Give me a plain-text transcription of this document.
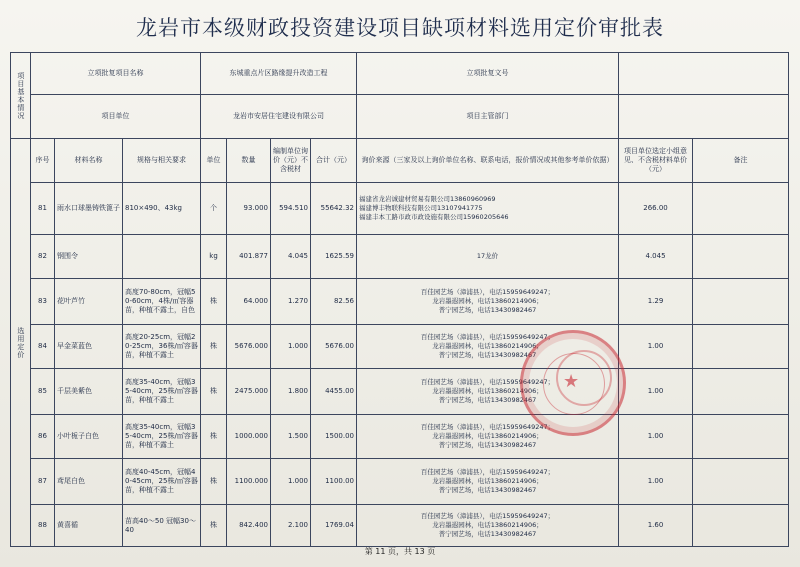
龙岩市本级财政投资建设项目缺项材料选用定价审批表
项目基本情况	立项批复项目名称			东城重点片区路缘提升改造工程				立项批复文号		
	项目单位			龙岩市安居住宅建设有限公司				项目主管部门		
选用定价	序号	材料名称	规格与相关要求	单位	数量	编制单位询价（元）不含税材	合计（元）	询价来源（三家及以上询价单位名称、联系电话，报价情况或其他参考单价依据）	项目单位选定小组意见、不含税材料单价（元）	备注
	81	雨水口球墨铸铁篦子	810×490、43kg	个	93.000	594.510	55642.32	福建省龙岩诚建材贸易有限公司13860960969
福建博丰物联科技有限公司13107941775
福建丰本工路市政市政设施有限公司15960205646	266.00	
	82	钢围令		kg	401.877	4.045	1625.59	17龙价	4.045	
	83	花叶芦竹	高度70-80cm，冠幅50-60cm，4株/㎡容器苗，种植不露土，自色	株	64.000	1.270	82.56	百佳园艺场（漳浦县），电话15959649247；
龙岩墨遐园林，电话13860214906；
普宁园艺场，电话13430982467	1.29	
	84	早金菜蓝色	高度20-25cm，冠幅20-25cm，36株/㎡容器苗，种植不露土	株	5676.000	1.000	5676.00	百佳园艺场（漳浦县），电话15959649247；
龙岩墨遐园林，电话13860214906；
普宁园艺场，电话13430982467	1.00	
	85	千层美紫色	高度35-40cm，冠幅35-40cm，25株/㎡容器苗，种植不露土	株	2475.000	1.800	4455.00	百佳园艺场（漳浦县），电话15959649247；
龙岩墨遐园林，电话13860214906；
普宁园艺场，电话13430982467	1.00	
	86	小叶栀子白色	高度35-40cm，冠幅35-40cm，25株/㎡容器苗，种植不露土	株	1000.000	1.500	1500.00	百佳园艺场（漳浦县），电话15959649247；
龙岩墨遐园林，电话13860214906；
普宁园艺场，电话13430982467	1.00	
	87	鸢尾白色	高度40-45cm，冠幅40-45cm，25株/㎡容器苗，种植不露土	株	1100.000	1.000	1100.00	百佳园艺场（漳浦县），电话15959649247；
龙岩墨遐园林，电话13860214906；
普宁园艺场，电话13430982467	1.00	
	88	黄喜循	苗高40～50 冠幅30～40	株	842.400	2.100	1769.04	百佳园艺场（漳浦县），电话15959649247；
龙岩墨遐园林，电话13860214906；
普宁园艺场，电话13430982467	1.60	
★
第 11 页，共 13 页
